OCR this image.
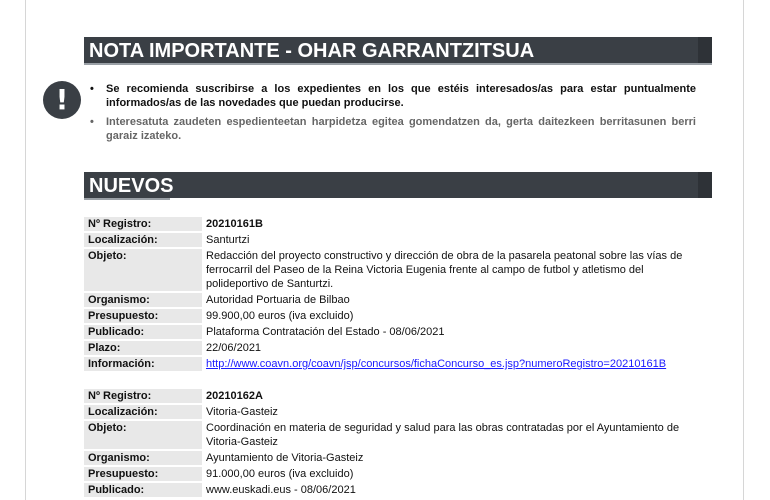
NOTA IMPORTANTE - OHAR GARRANTZITSUA
!
•	Se recomienda suscribirse a los expedientes en los que estéis interesados/as para estar puntualmente informados/as de las novedades que puedan producirse.
• Interesatuta zaudeten espedienteetan harpidetza egitea gomendatzen da, gerta daitezkeen berritasunen berri garaiz izateko.
NUEVOS
Nº Registro:	20210161B
Localización:	Santurtzi
Objeto:	Redacción del proyecto constructivo y dirección de obra de la pasarela peatonal sobre las vías de ferrocarril del Paseo de la Reina Victoria Eugenia frente al campo de futbol y atletismo del polideportivo de Santurtzi.
Organismo:	Autoridad Portuaria de Bilbao
Presupuesto:	99.900,00 euros (iva excluido)
Publicado:	Plataforma Contratación del Estado - 08/06/2021
Plazo:	22/06/2021
Información:	http://www.coavn.org/coavn/jsp/concursos/fichaConcurso_es.jsp?numeroRegistro=20210161B
Nº Registro:	20210162A
Localización:	Vitoria-Gasteiz
Objeto:	Coordinación en materia de seguridad y salud para las obras contratadas por el Ayuntamiento de Vitoria-Gasteiz
Organismo:	Ayuntamiento de Vitoria-Gasteiz
Presupuesto:	91.000,00 euros (iva excluido)
Publicado:	www.euskadi.eus - 08/06/2021
